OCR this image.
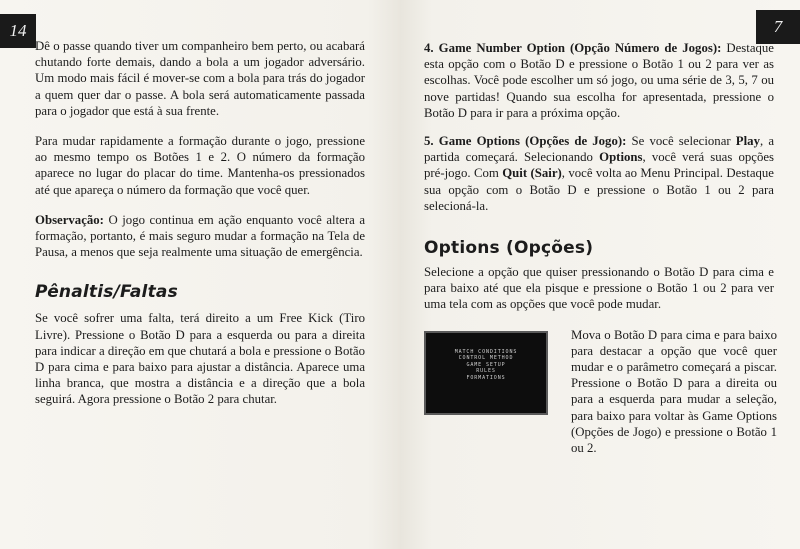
14

Dê o passe quando tiver um companheiro bem perto, ou acabará chutando forte demais, dando a bola a um jogador adversário. Um modo mais fácil é mover-se com a bola para trás do jogador a quem quer dar o passe. A bola será automaticamente passada para o jogador que está à sua frente.

Para mudar rapidamente a formação durante o jogo, pressione ao mesmo tempo os Botões 1 e 2. O número da formação aparece no lugar do placar do time. Mantenha-os pressionados até que apareça o número da formação que você quer.

Observação: O jogo continua em ação enquanto você altera a formação, portanto, é mais seguro mudar a formação na Tela de Pausa, a menos que seja realmente uma situação de emergência.

Pênaltis/Faltas

Se você sofrer uma falta, terá direito a um Free Kick (Tiro Livre). Pressione o Botão D para a esquerda ou para a direita para indicar a direção em que chutará a bola e pressione o Botão D para cima e para baixo para ajustar a distância. Aparece uma linha branca, que mostra a distância e a direção que a bola seguirá. Agora pressione o Botão 2 para chutar.

7

4. Game Number Option (Opção Número de Jogos): Destaque esta opção com o Botão D e pressione o Botão 1 ou 2 para ver as escolhas. Você pode escolher um só jogo, ou uma série de 3, 5, 7 ou nove partidas! Quando sua escolha for apresentada, pressione o Botão D para ir para a próxima opção.

5. Game Options (Opções de Jogo): Se você selecionar Play, a partida começará. Selecionando Options, você verá suas opções pré-jogo. Com Quit (Sair), você volta ao Menu Principal. Destaque sua opção com o Botão D e pressione o Botão 1 ou 2 para selecioná-la.

Options (Opções)

Selecione a opção que quiser pressionando o Botão D para cima e para baixo até que ela pisque e pressione o Botão 1 ou 2 para ver uma tela com as opções que você pode mudar.

MATCH CONDITIONS
CONTROL METHOD
GAME SETUP
RULES
FORMATIONS

Mova o Botão D para cima e para baixo para destacar a opção que você quer mudar e o parâmetro começará a piscar. Pressione o Botão D para a direita ou para a esquerda para mudar a seleção, para baixo para voltar às Game Options (Opções de Jogo) e pressione o Botão 1 ou 2.
